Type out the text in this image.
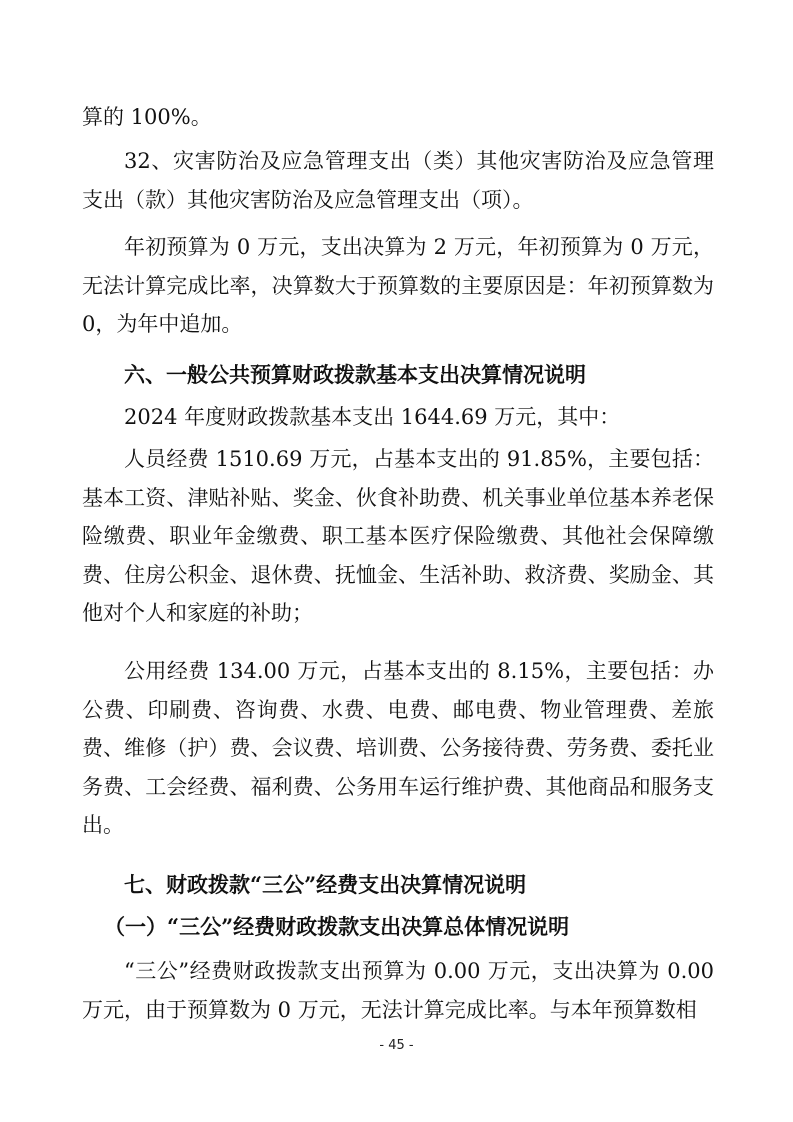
算的 100%。

32、灾害防治及应急管理支出（类）其他灾害防治及应急管理支出（款）其他灾害防治及应急管理支出（项）。

年初预算为 0 万元，支出决算为 2 万元，年初预算为 0 万元，无法计算完成比率，决算数大于预算数的主要原因是：年初预算数为 0，为年中追加。

六、一般公共预算财政拨款基本支出决算情况说明

2024 年度财政拨款基本支出 1644.69 万元，其中：

人员经费 1510.69 万元，占基本支出的 91.85%，主要包括：基本工资、津贴补贴、奖金、伙食补助费、机关事业单位基本养老保险缴费、职业年金缴费、职工基本医疗保险缴费、其他社会保障缴费、住房公积金、退休费、抚恤金、生活补助、救济费、奖励金、其他对个人和家庭的补助；

公用经费 134.00 万元，占基本支出的 8.15%，主要包括：办公费、印刷费、咨询费、水费、电费、邮电费、物业管理费、差旅费、维修（护）费、会议费、培训费、公务接待费、劳务费、委托业务费、工会经费、福利费、公务用车运行维护费、其他商品和服务支出。

七、财政拨款“三公”经费支出决算情况说明

（一）“三公”经费财政拨款支出决算总体情况说明

“三公”经费财政拨款支出预算为 0.00 万元，支出决算为 0.00 万元，由于预算数为 0 万元，无法计算完成比率。与本年预算数相

- 45 -
